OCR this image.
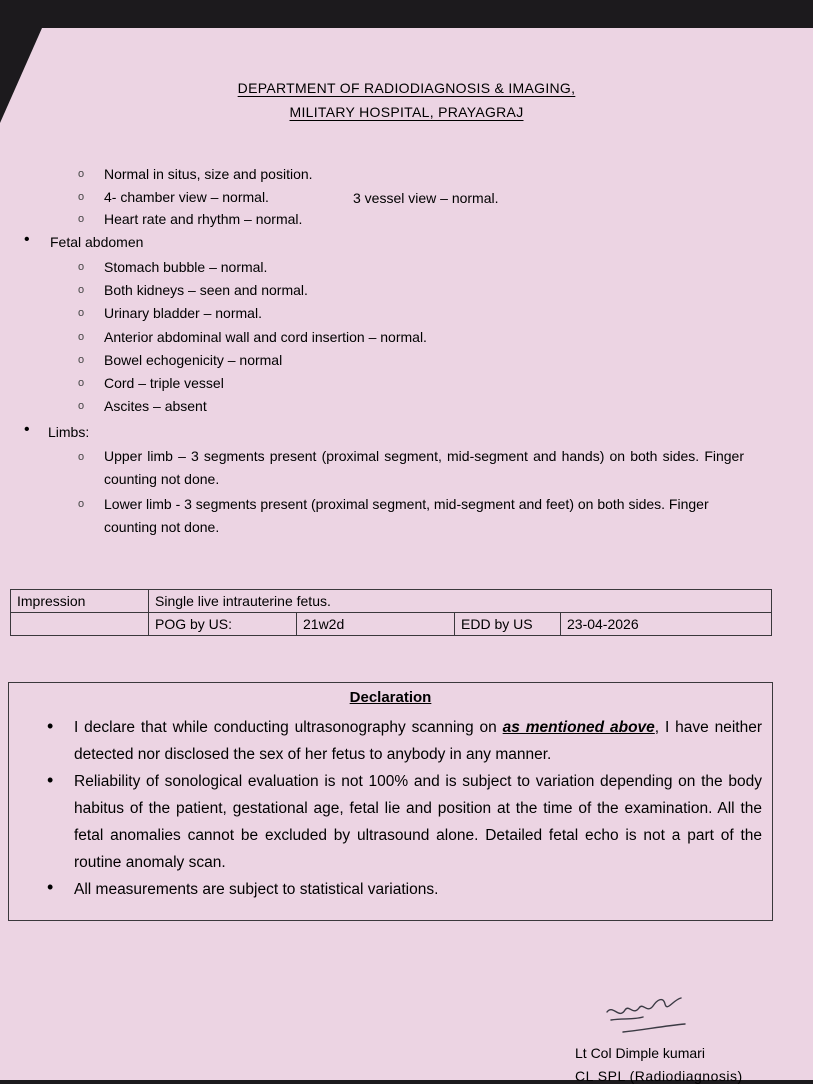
DEPARTMENT OF RADIODIAGNOSIS & IMAGING,
MILITARY HOSPITAL, PRAYAGRAJ
o Normal in situs, size and position.
o 4- chamber view – normal.	3 vessel view – normal.
o Heart rate and rhythm – normal.
• Fetal abdomen
o Stomach bubble – normal.
o Both kidneys – seen and normal.
o Urinary bladder – normal.
o Anterior abdominal wall and cord insertion – normal.
o Bowel echogenicity – normal
o Cord – triple vessel
o Ascites – absent
• Limbs:
o Upper limb – 3 segments present (proximal segment, mid-segment and hands) on both sides. Finger counting not done.
o Lower limb - 3 segments present (proximal segment, mid-segment and feet) on both sides. Finger counting not done.
Impression	Single live intrauterine fetus.			
	POG by US:	21w2d	EDD by US	23-04-2026
Declaration
• I declare that while conducting ultrasonography scanning on as mentioned above, I have neither detected nor disclosed the sex of her fetus to anybody in any manner.
• Reliability of sonological evaluation is not 100% and is subject to variation depending on the body habitus of the patient, gestational age, fetal lie and position at the time of the examination. All the fetal anomalies cannot be excluded by ultrasound alone. Detailed fetal echo is not a part of the routine anomaly scan.
• All measurements are subject to statistical variations.
Lt Col Dimple kumari
CL SPL (Radiodiagnosis)
